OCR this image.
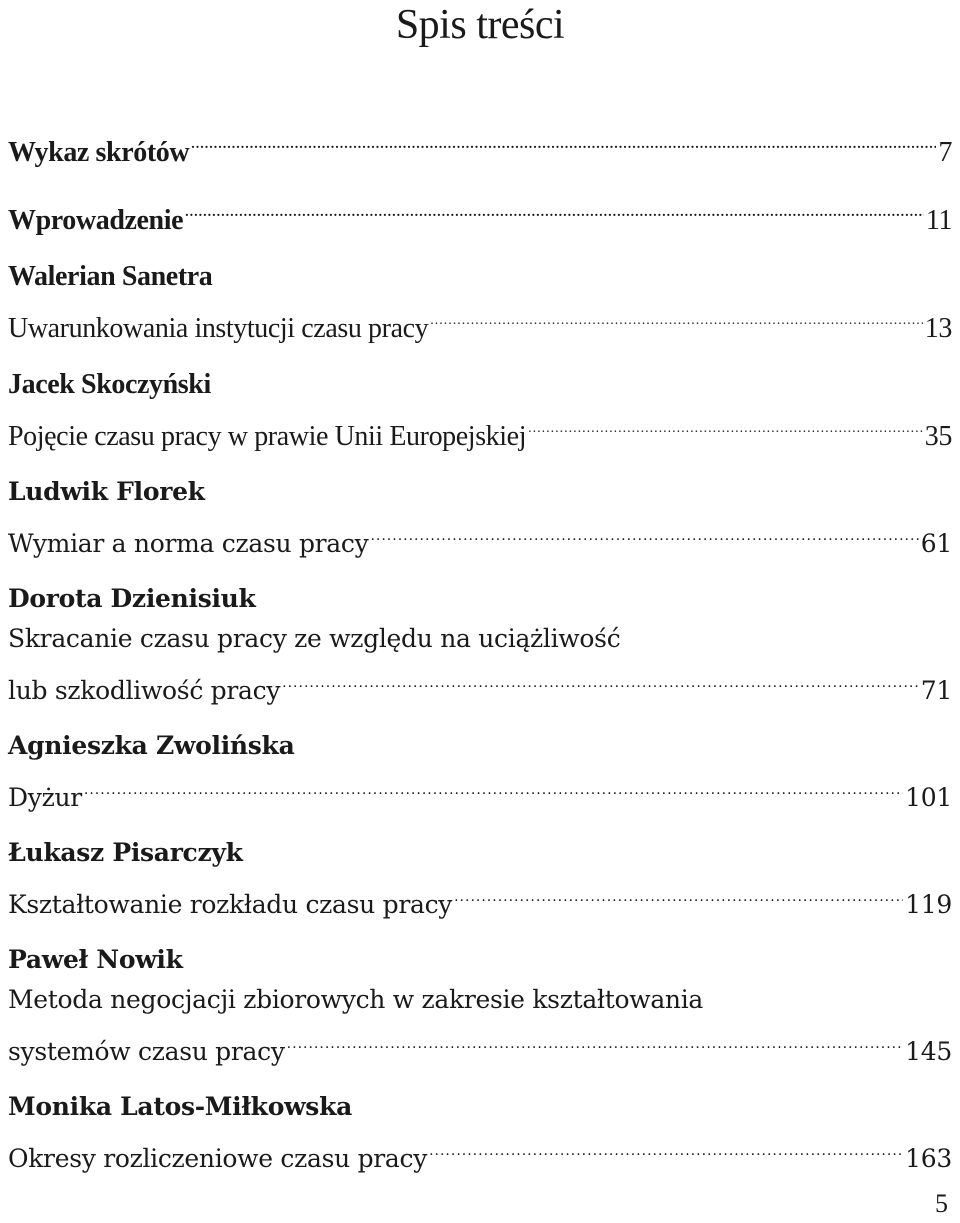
Spis treści
Wykaz skrótów .....	7
Wprowadzenie .....	11
Walerian Sanetra
Uwarunkowania instytucji czasu pracy .....	13
Jacek Skoczyński
Pojęcie czasu pracy w prawie Unii Europejskiej .....	35
Ludwik Florek
Wymiar a norma czasu pracy .....	61
Dorota Dzienisiuk
Skracanie czasu pracy ze względu na uciążliwość
lub szkodliwość pracy .....	71
Agnieszka Zwolińska
Dyżur .....	101
Łukasz Pisarczyk
Kształtowanie rozkładu czasu pracy .....	119
Paweł Nowik
Metoda negocjacji zbiorowych w zakresie kształtowania
systemów czasu pracy .....	145
Monika Latos-Miłkowska
Okresy rozliczeniowe czasu pracy .....	163
5
